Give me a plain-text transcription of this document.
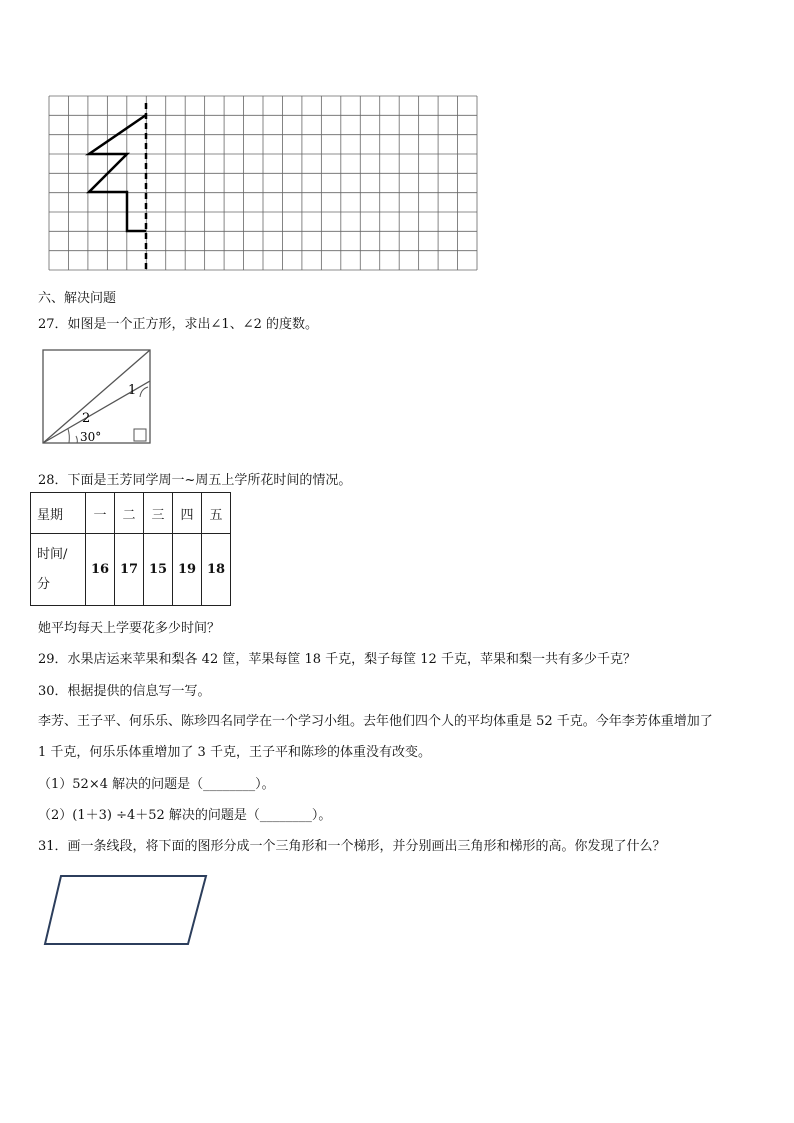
六、解决问题
27．如图是一个正方形，求出∠1、∠2 的度数。
1
2
30°
28．下面是王芳同学周一~周五上学所花时间的情况。
星期	一	二	三	四	五
时间/
分	16	17	15	19	18
她平均每天上学要花多少时间？
29．水果店运来苹果和梨各 42 筐，苹果每筐 18 千克，梨子每筐 12 千克，苹果和梨一共有多少千克？
30．根据提供的信息写一写。
李芳、王子平、何乐乐、陈珍四名同学在一个学习小组。去年他们四个人的平均体重是 52 千克。今年李芳体重增加了
1 千克，何乐乐体重增加了 3 千克，王子平和陈珍的体重没有改变。
（1）52×4 解决的问题是（________）。
（2）(1＋3) ÷4＋52 解决的问题是（________）。
31．画一条线段，将下面的图形分成一个三角形和一个梯形，并分别画出三角形和梯形的高。你发现了什么？
